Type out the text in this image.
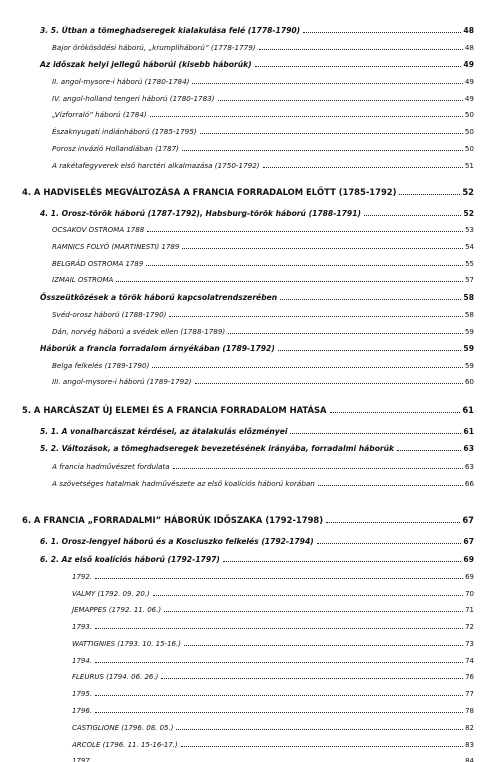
3. 5. Útban a tömeghadseregek kialakulása felé (1778-1790)	48
Bajor örökösödési háború, „krumpliháború” (1778-1779)	48
Az időszak helyi jellegű háborúi (kisebb háborúk)	49
II. angol-mysore-i háború (1780-1784)	49
IV. angol-holland tengeri háború (1780-1783)	49
„Vízforraló” háború (1784)	50
Északnyugati indiánháború (1785-1795)	50
Porosz invázió Hollandiában (1787)	50
A rakétafegyverek első harctéri alkalmazása (1750-1792)	51
4. A HADVISELÉS MEGVÁLTOZÁSA A FRANCIA FORRADALOM ELŐTT (1785-1792)	52
4. 1. Orosz-török háború (1787-1792), Habsburg-török háború (1788-1791)	52
OCSAKOV OSTROMA 1788	53
RAMNICS FOLYÓ (MARTINESTI) 1789	54
BELGRÁD OSTROMA 1789	55
IZMAIL OSTROMA	57
Összeütközések a török háború kapcsolatrendszerében	58
Svéd-orosz háború (1788-1790)	58
Dán, norvég háború a svédek ellen (1788-1789)	59
Háborúk a francia forradalom árnyékában (1789-1792)	59
Belga felkelés (1789-1790)	59
III. angol-mysore-i háború (1789-1792)	60
5. A HARCÁSZAT ÚJ ELEMEI ÉS A FRANCIA FORRADALOM HATÁSA	61
5. 1. A vonalharcászat kérdései, az átalakulás előzményei	61
5. 2. Változások, a tömeghadseregek bevezetésének irányába, forradalmi háborúk	63
A francia hadművészet fordulata	63
A szövetséges hatalmak hadművészete az első koalíciós háború korában	66
6. A FRANCIA „FORRADALMI” HÁBORÚK IDŐSZAKA (1792-1798)	67
6. 1. Orosz-lengyel háború és a Kosciuszko felkelés (1792-1794)	67
6. 2. Az első koalíciós háború (1792-1797)	69
1792.	69
VALMY (1792. 09. 20.)	70
JEMAPPES (1792. 11. 06.)	71
1793.	72
WATTIGNIES (1793. 10. 15-16.)	73
1794.	74
FLEURUS (1794. 06. 26.)	76
1795.	77
1796.	78
CASTIGLIONE (1796. 08. 05.)	82
ARCOLE (1796. 11. 15-16-17.)	83
1797.	84
